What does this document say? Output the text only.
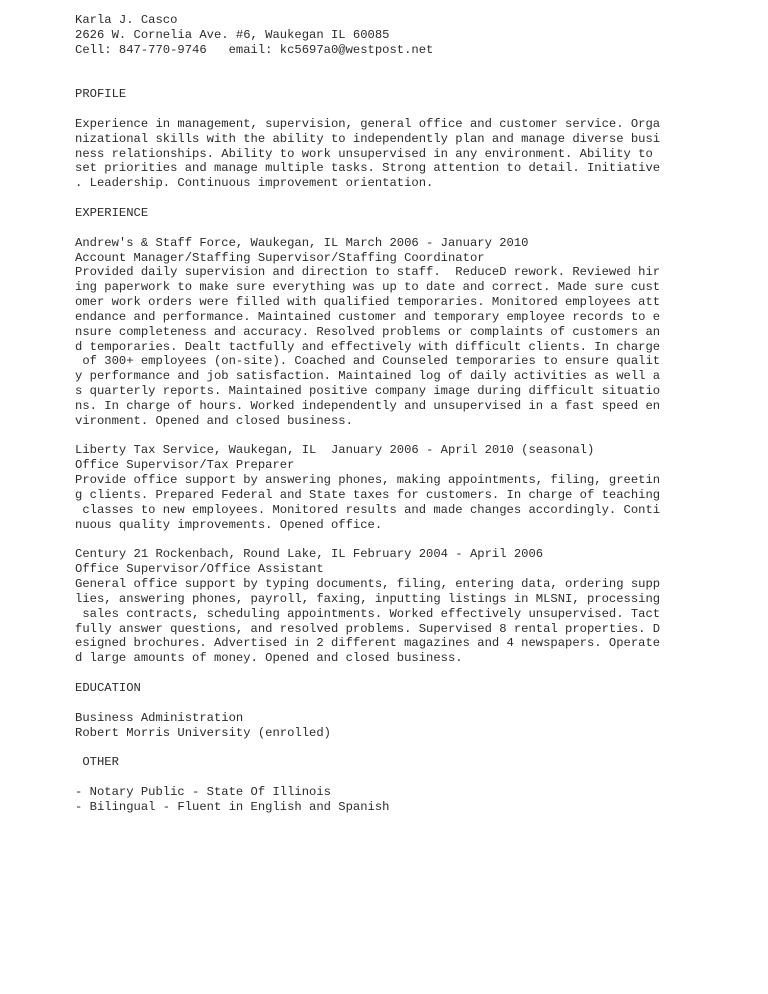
Karla J. Casco
2626 W. Cornelia Ave. #6, Waukegan IL 60085
Cell: 847-770-9746   email: kc5697a0@westpost.net
PROFILE
Experience in management, supervision, general office and customer service. Orga
nizational skills with the ability to independently plan and manage diverse busi
ness relationships. Ability to work unsupervised in any environment. Ability to
set priorities and manage multiple tasks. Strong attention to detail. Initiative
. Leadership. Continuous improvement orientation.
EXPERIENCE
Andrew's & Staff Force, Waukegan, IL March 2006 - January 2010
Account Manager/Staffing Supervisor/Staffing Coordinator
Provided daily supervision and direction to staff.  ReduceD rework. Reviewed hir
ing paperwork to make sure everything was up to date and correct. Made sure cust
omer work orders were filled with qualified temporaries. Monitored employees att
endance and performance. Maintained customer and temporary employee records to e
nsure completeness and accuracy. Resolved problems or complaints of customers an
d temporaries. Dealt tactfully and effectively with difficult clients. In charge
of 300+ employees (on-site). Coached and Counseled temporaries to ensure qualit
y performance and job satisfaction. Maintained log of daily activities as well a
s quarterly reports. Maintained positive company image during difficult situatio
ns. In charge of hours. Worked independently and unsupervised in a fast speed en
vironment. Opened and closed business.
Liberty Tax Service, Waukegan, IL  January 2006 - April 2010 (seasonal)
Office Supervisor/Tax Preparer
Provide office support by answering phones, making appointments, filing, greetin
g clients. Prepared Federal and State taxes for customers. In charge of teaching
classes to new employees. Monitored results and made changes accordingly. Conti
nuous quality improvements. Opened office.
Century 21 Rockenbach, Round Lake, IL February 2004 - April 2006
Office Supervisor/Office Assistant
General office support by typing documents, filing, entering data, ordering supp
lies, answering phones, payroll, faxing, inputting listings in MLSNI, processing
sales contracts, scheduling appointments. Worked effectively unsupervised. Tact
fully answer questions, and resolved problems. Supervised 8 rental properties. D
esigned brochures. Advertised in 2 different magazines and 4 newspapers. Operate
d large amounts of money. Opened and closed business.
EDUCATION
Business Administration
Robert Morris University (enrolled)
OTHER
- Notary Public - State Of Illinois
- Bilingual - Fluent in English and Spanish
